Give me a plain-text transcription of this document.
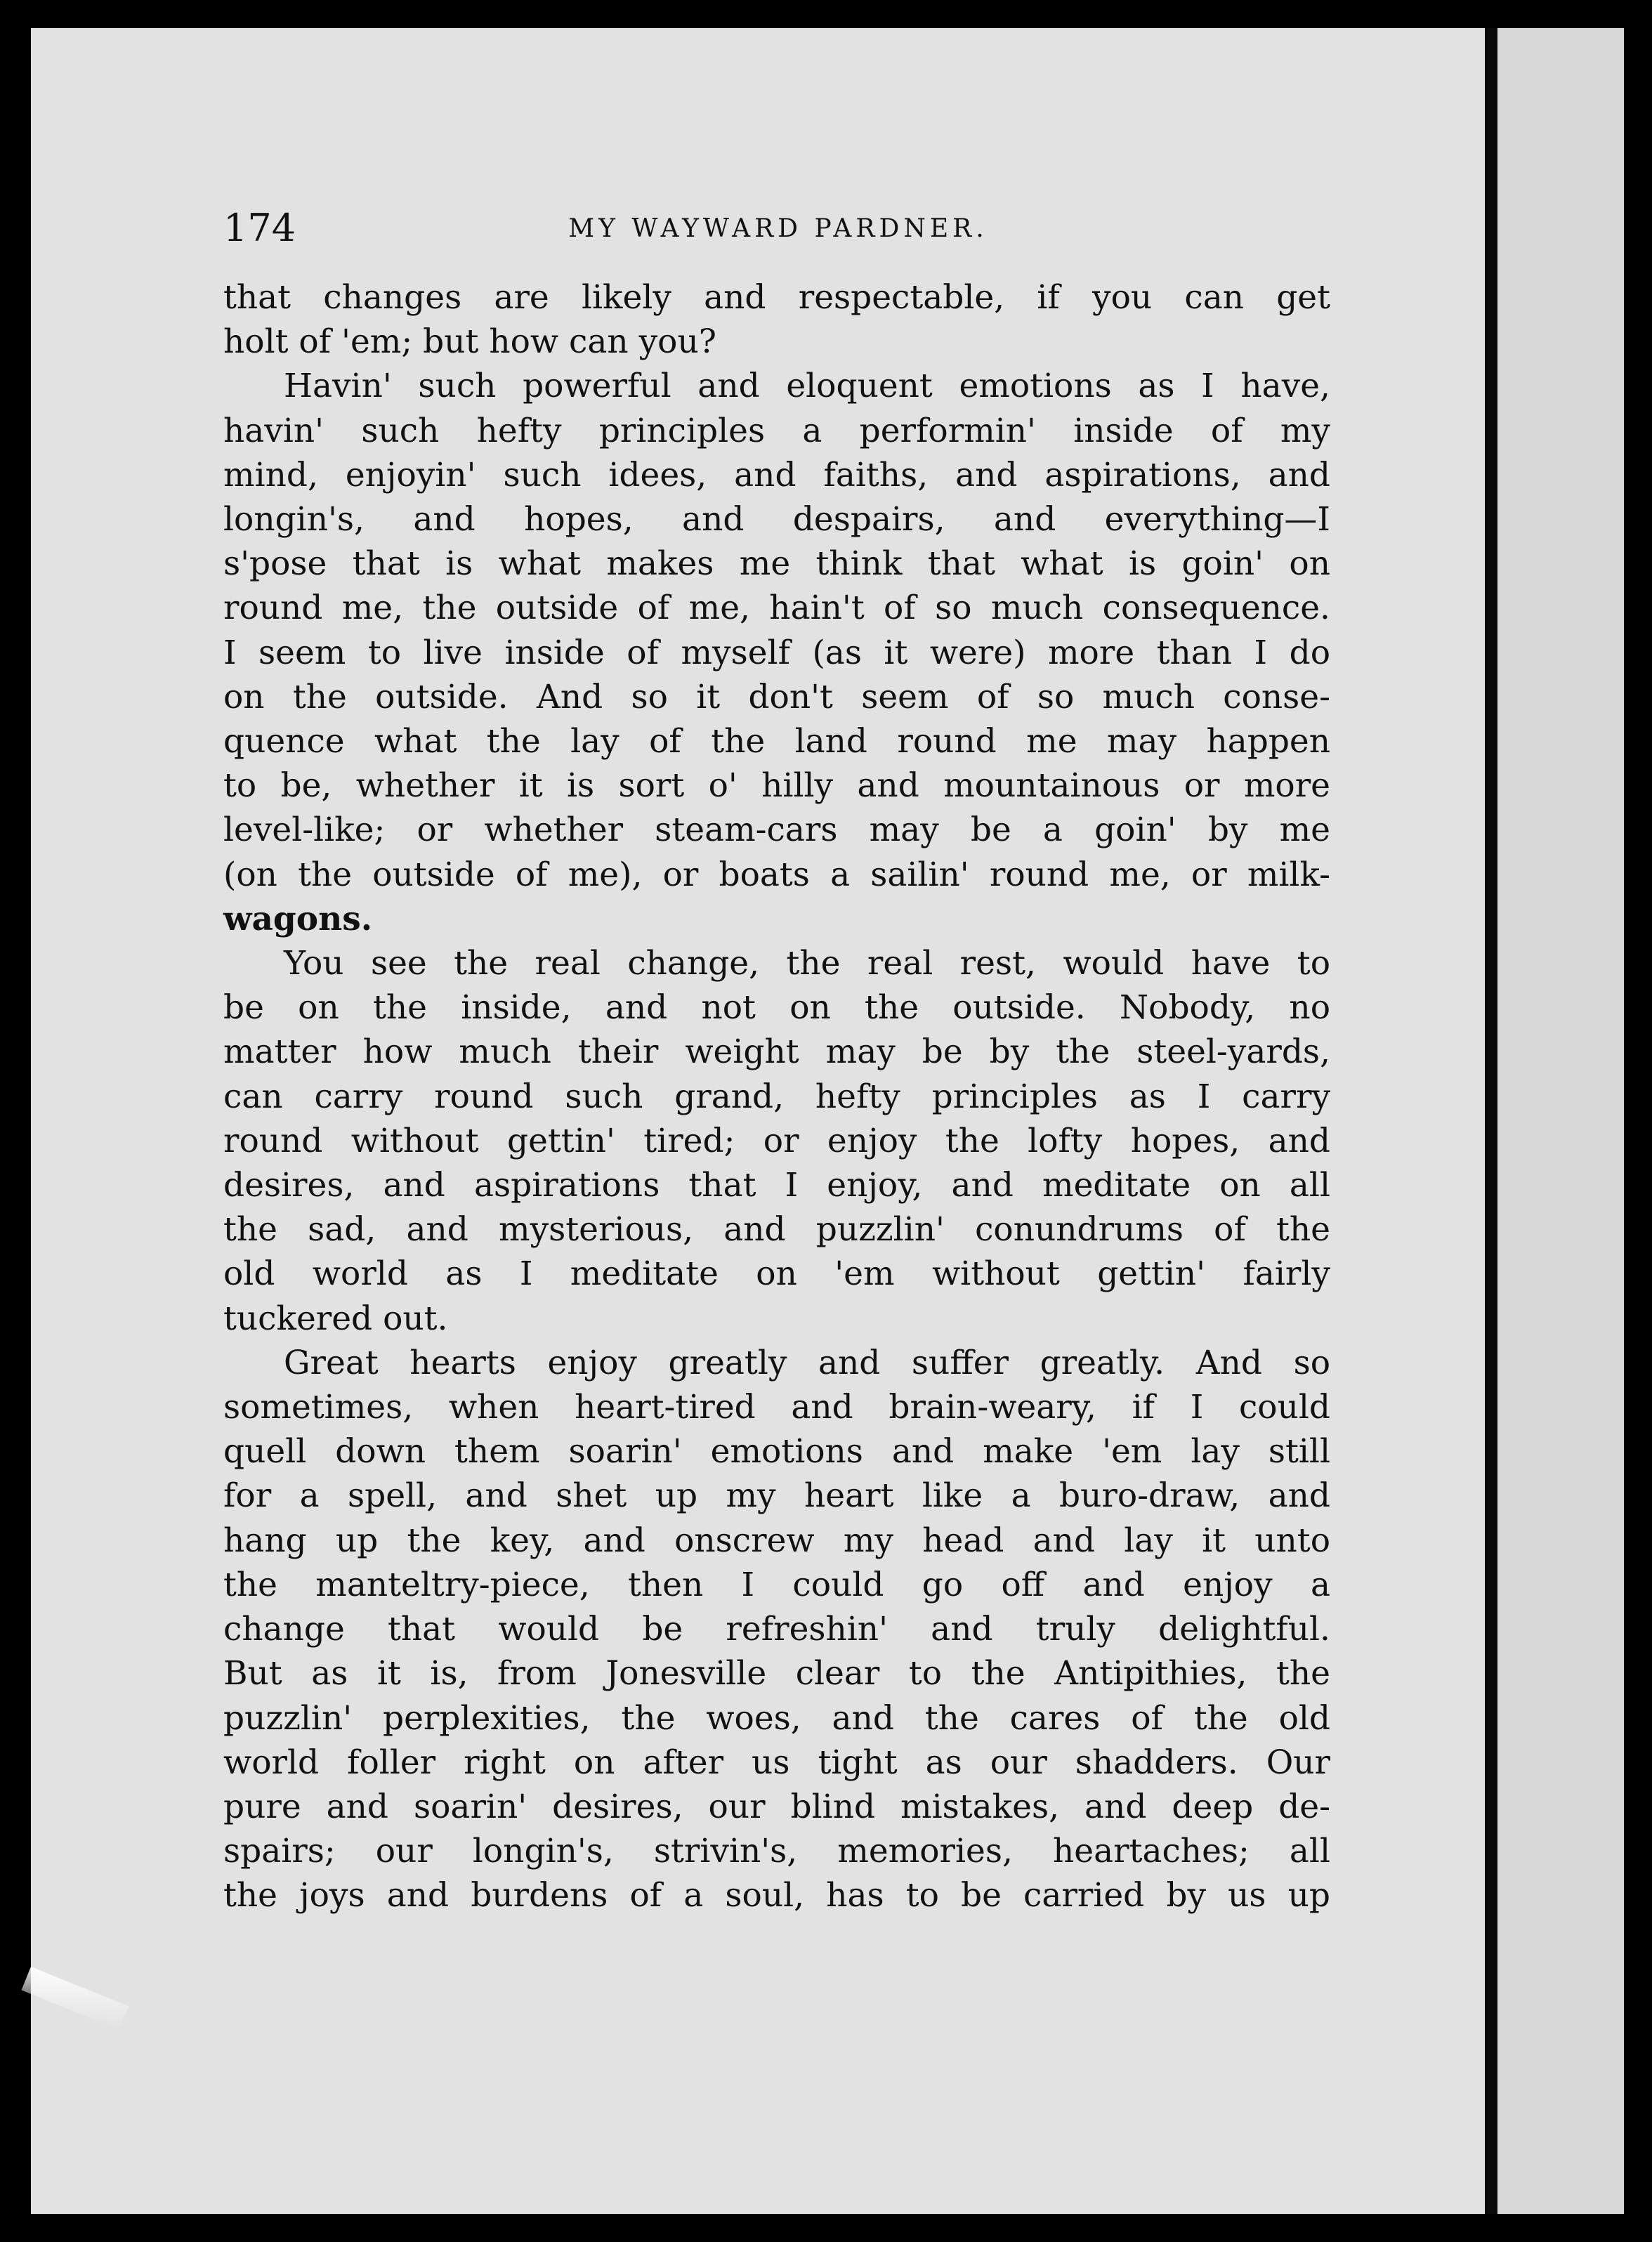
174	MY WAYWARD PARDNER.
that changes are likely and respectable, if you can get
holt of 'em; but how can you?
Havin' such powerful and eloquent emotions as I have,
havin' such hefty principles a performin' inside of my
mind, enjoyin' such idees, and faiths, and aspirations, and
longin's, and hopes, and despairs, and everything—I
s'pose that is what makes me think that what is goin' on
round me, the outside of me, hain't of so much consequence.
I seem to live inside of myself (as it were) more than I do
on the outside. And so it don't seem of so much conse-
quence what the lay of the land round me may happen
to be, whether it is sort o' hilly and mountainous or more
level-like; or whether steam-cars may be a goin' by me
(on the outside of me), or boats a sailin' round me, or milk-
wagons.
You see the real change, the real rest, would have to
be on the inside, and not on the outside. Nobody, no
matter how much their weight may be by the steel-yards,
can carry round such grand, hefty principles as I carry
round without gettin' tired; or enjoy the lofty hopes, and
desires, and aspirations that I enjoy, and meditate on all
the sad, and mysterious, and puzzlin' conundrums of the
old world as I meditate on 'em without gettin' fairly
tuckered out.
Great hearts enjoy greatly and suffer greatly. And so
sometimes, when heart-tired and brain-weary, if I could
quell down them soarin' emotions and make 'em lay still
for a spell, and shet up my heart like a buro-draw, and
hang up the key, and onscrew my head and lay it unto
the manteltry-piece, then I could go off and enjoy a
change that would be refreshin' and truly delightful.
But as it is, from Jonesville clear to the Antipithies, the
puzzlin' perplexities, the woes, and the cares of the old
world foller right on after us tight as our shadders. Our
pure and soarin' desires, our blind mistakes, and deep de-
spairs; our longin's, strivin's, memories, heartaches; all
the joys and burdens of a soul, has to be carried by us up
